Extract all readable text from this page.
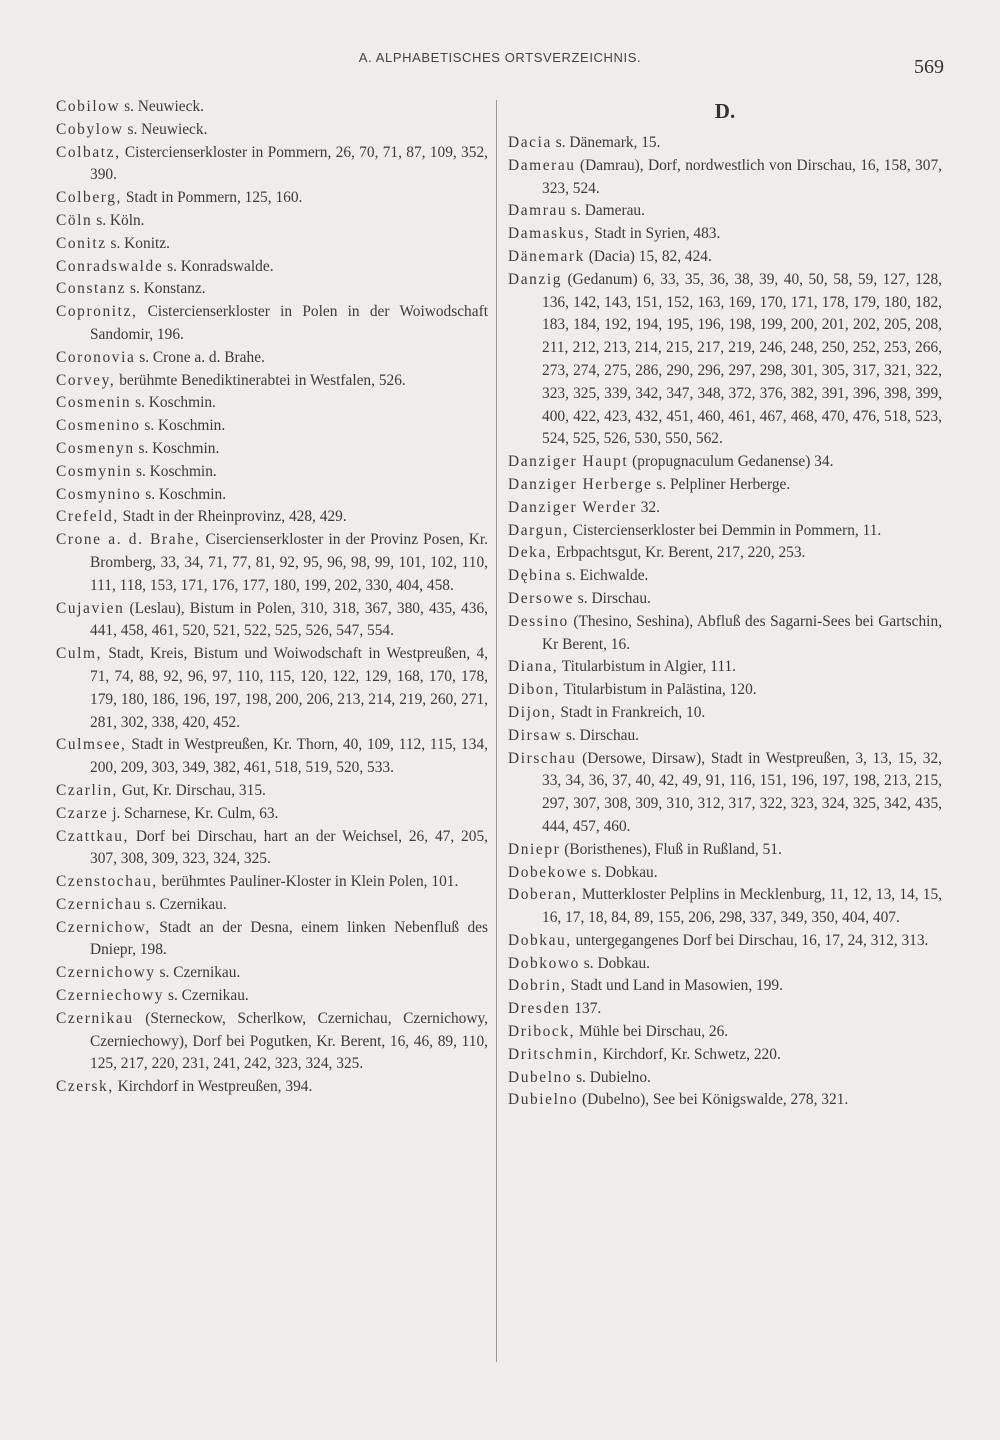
A. ALPHABETISCHES ORTSVERZEICHNIS.	569

Cobilow s. Neuwieck.

Cobylow s. Neuwieck.

Colbatz, Cistercienserkloster in Pommern, 26, 70, 71, 87, 109, 352, 390.

Colberg, Stadt in Pommern, 125, 160.

Cöln s. Köln.

Conitz s. Konitz.

Conradswalde s. Konradswalde.

Constanz s. Konstanz.

Copronitz, Cistercienserkloster in Polen in der Woiwodschaft Sandomir, 196.

Coronovia s. Crone a. d. Brahe.

Corvey, berühmte Benediktinerabtei in Westfalen, 526.

Cosmenin s. Koschmin.

Cosmenino s. Koschmin.

Cosmenyn s. Koschmin.

Cosmynin s. Koschmin.

Cosmynino s. Koschmin.

Crefeld, Stadt in der Rheinprovinz, 428, 429.

Crone a. d. Brahe, Cisercienserkloster in der Provinz Posen, Kr. Bromberg, 33, 34, 71, 77, 81, 92, 95, 96, 98, 99, 101, 102, 110, 111, 118, 153, 171, 176, 177, 180, 199, 202, 330, 404, 458.

Cujavien (Leslau), Bistum in Polen, 310, 318, 367, 380, 435, 436, 441, 458, 461, 520, 521, 522, 525, 526, 547, 554.

Culm, Stadt, Kreis, Bistum und Woiwodschaft in Westpreußen, 4, 71, 74, 88, 92, 96, 97, 110, 115, 120, 122, 129, 168, 170, 178, 179, 180, 186, 196, 197, 198, 200, 206, 213, 214, 219, 260, 271, 281, 302, 338, 420, 452.

Culmsee, Stadt in Westpreußen, Kr. Thorn, 40, 109, 112, 115, 134, 200, 209, 303, 349, 382, 461, 518, 519, 520, 533.

Czarlin, Gut, Kr. Dirschau, 315.

Czarze j. Scharnese, Kr. Culm, 63.

Czattkau, Dorf bei Dirschau, hart an der Weichsel, 26, 47, 205, 307, 308, 309, 323, 324, 325.

Czenstochau, berühmtes Pauliner-Kloster in Klein Polen, 101.

Czernichau s. Czernikau.

Czernichow, Stadt an der Desna, einem linken Nebenfluß des Dniepr, 198.

Czernichowy s. Czernikau.

Czerniechowy s. Czernikau.

Czernikau (Sterneckow, Scherlkow, Czernichau, Czernichowy, Czerniechowy), Dorf bei Pogutken, Kr. Berent, 16, 46, 89, 110, 125, 217, 220, 231, 241, 242, 323, 324, 325.

Czersk, Kirchdorf in Westpreußen, 394.

D.

Dacia s. Dänemark, 15.

Damerau (Damrau), Dorf, nordwestlich von Dirschau, 16, 158, 307, 323, 524.

Damrau s. Damerau.

Damaskus, Stadt in Syrien, 483.

Dänemark (Dacia) 15, 82, 424.

Danzig (Gedanum) 6, 33, 35, 36, 38, 39, 40, 50, 58, 59, 127, 128, 136, 142, 143, 151, 152, 163, 169, 170, 171, 178, 179, 180, 182, 183, 184, 192, 194, 195, 196, 198, 199, 200, 201, 202, 205, 208, 211, 212, 213, 214, 215, 217, 219, 246, 248, 250, 252, 253, 266, 273, 274, 275, 286, 290, 296, 297, 298, 301, 305, 317, 321, 322, 323, 325, 339, 342, 347, 348, 372, 376, 382, 391, 396, 398, 399, 400, 422, 423, 432, 451, 460, 461, 467, 468, 470, 476, 518, 523, 524, 525, 526, 530, 550, 562.

Danziger Haupt (propugnaculum Gedanense) 34.

Danziger Herberge s. Pelpliner Herberge.

Danziger Werder 32.

Dargun, Cistercienserkloster bei Demmin in Pommern, 11.

Deka, Erbpachtsgut, Kr. Berent, 217, 220, 253.

Dębina s. Eichwalde.

Dersowe s. Dirschau.

Dessino (Thesino, Seshina), Abfluß des Sagarni-Sees bei Gartschin, Kr Berent, 16.

Diana, Titularbistum in Algier, 111.

Dibon, Titularbistum in Palästina, 120.

Dijon, Stadt in Frankreich, 10.

Dirsaw s. Dirschau.

Dirschau (Dersowe, Dirsaw), Stadt in Westpreußen, 3, 13, 15, 32, 33, 34, 36, 37, 40, 42, 49, 91, 116, 151, 196, 197, 198, 213, 215, 297, 307, 308, 309, 310, 312, 317, 322, 323, 324, 325, 342, 435, 444, 457, 460.

Dniepr (Boristhenes), Fluß in Rußland, 51.

Dobekowe s. Dobkau.

Doberan, Mutterkloster Pelplins in Mecklenburg, 11, 12, 13, 14, 15, 16, 17, 18, 84, 89, 155, 206, 298, 337, 349, 350, 404, 407.

Dobkau, untergegangenes Dorf bei Dirschau, 16, 17, 24, 312, 313.

Dobkowo s. Dobkau.

Dobrin, Stadt und Land in Masowien, 199.

Dresden 137.

Dribock, Mühle bei Dirschau, 26.

Dritschmin, Kirchdorf, Kr. Schwetz, 220.

Dubelno s. Dubielno.

Dubielno (Dubelno), See bei Königswalde, 278, 321.
